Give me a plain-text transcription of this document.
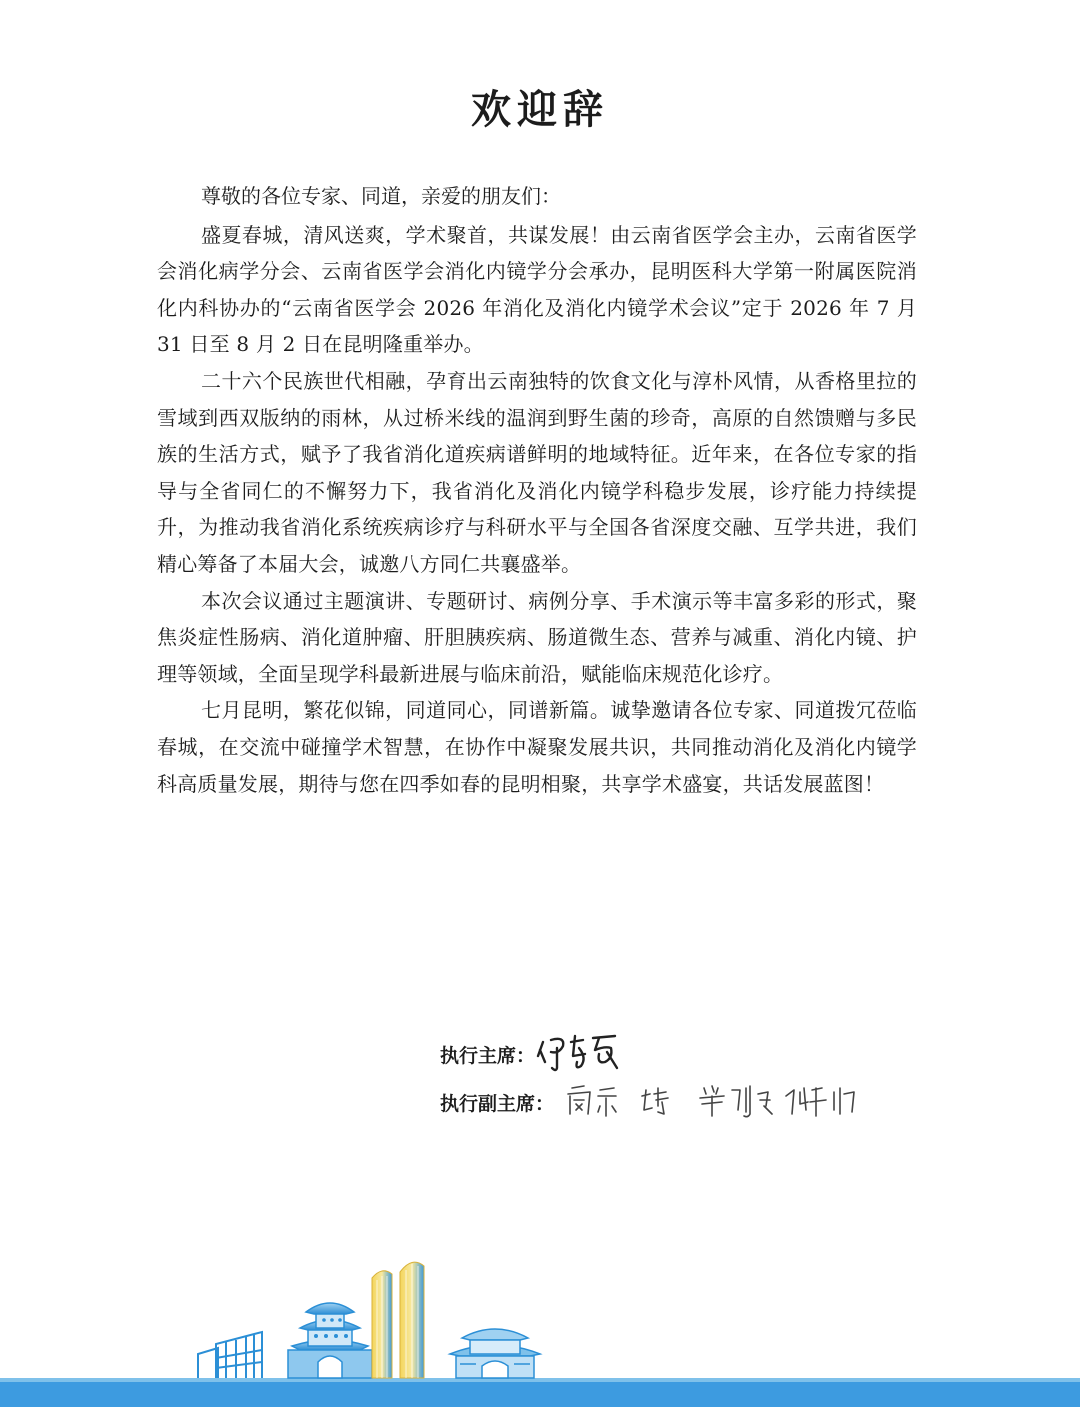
欢迎辞

尊敬的各位专家、同道，亲爱的朋友们：

盛夏春城，清风送爽，学术聚首，共谋发展！由云南省医学会主办，云南省医学会消化病学分会、云南省医学会消化内镜学分会承办，昆明医科大学第一附属医院消化内科协办的“云南省医学会 2026 年消化及消化内镜学术会议”定于 2026 年 7 月 31 日至 8 月 2 日在昆明隆重举办。

二十六个民族世代相融，孕育出云南独特的饮食文化与淳朴风情，从香格里拉的雪域到西双版纳的雨林，从过桥米线的温润到野生菌的珍奇，高原的自然馈赠与多民族的生活方式，赋予了我省消化道疾病谱鲜明的地域特征。近年来，在各位专家的指导与全省同仁的不懈努力下，我省消化及消化内镜学科稳步发展，诊疗能力持续提升，为推动我省消化系统疾病诊疗与科研水平与全国各省深度交融、互学共进，我们精心筹备了本届大会，诚邀八方同仁共襄盛举。

本次会议通过主题演讲、专题研讨、病例分享、手术演示等丰富多彩的形式，聚焦炎症性肠病、消化道肿瘤、肝胆胰疾病、肠道微生态、营养与减重、消化内镜、护理等领域，全面呈现学科最新进展与临床前沿，赋能临床规范化诊疗。

七月昆明，繁花似锦，同道同心，同谱新篇。诚挚邀请各位专家、同道拨冗莅临春城，在交流中碰撞学术智慧，在协作中凝聚发展共识，共同推动消化及消化内镜学科高质量发展，期待与您在四季如春的昆明相聚，共享学术盛宴，共话发展蓝图！

执行主席：
执行副主席：
